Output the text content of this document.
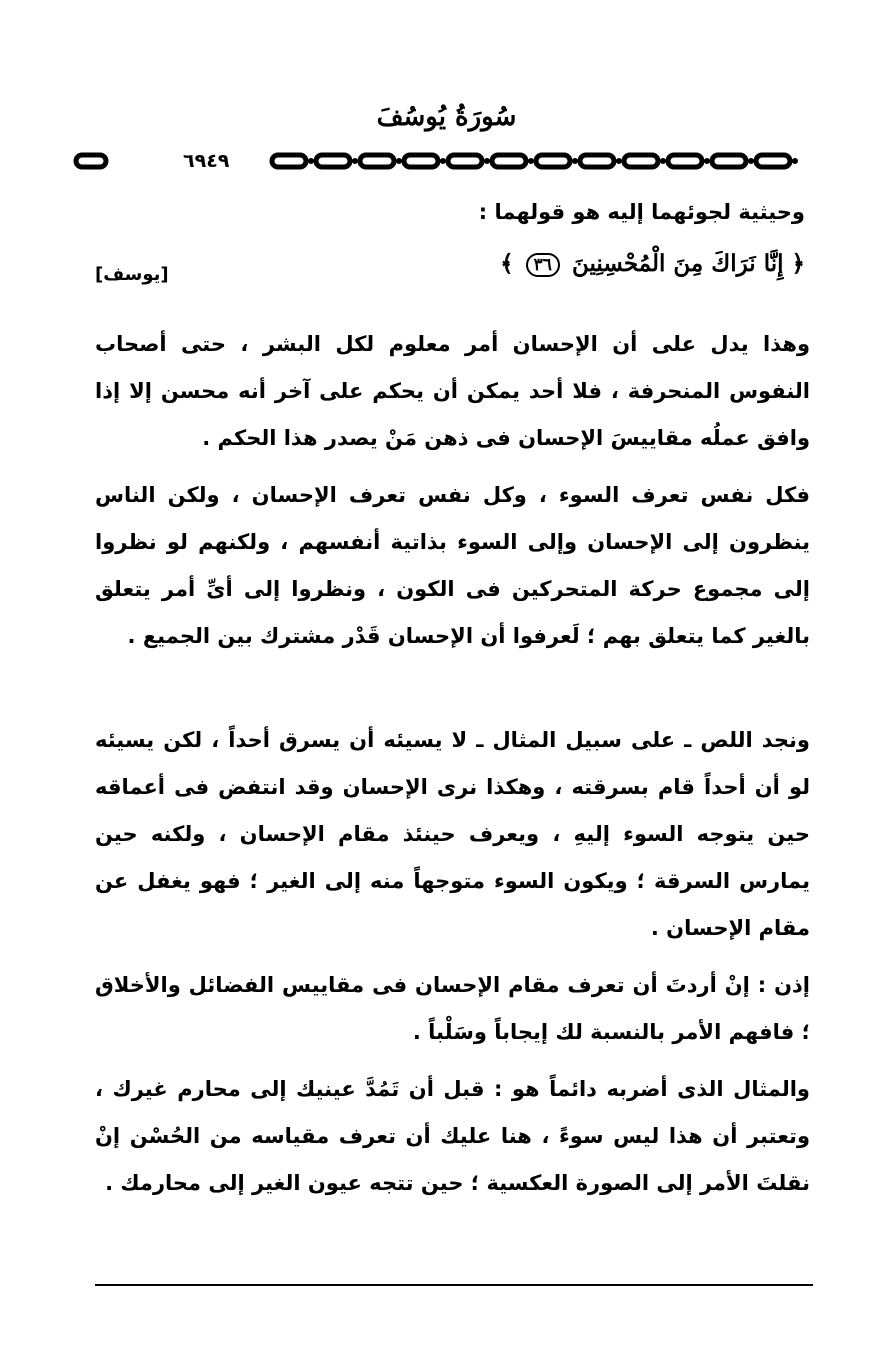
سُورَةُ يُوسُفَ
٦٩٤٩
وحيثية لجوئهما إليه هو قولهما :
﴿ إِنَّا نَرَاكَ مِنَ الْمُحْسِنِينَ ٣٦ ﴾
[يوسف]
وهذا يدل على أن الإحسان أمر معلوم لكل البشر ، حتى أصحاب النفوس المنحرفة ، فلا أحد يمكن أن يحكم على آخر أنه محسن إلا إذا وافق عملُه مقاييسَ الإحسان فى ذهن مَنْ يصدر هذا الحكم .
فكل نفس تعرف السوء ، وكل نفس تعرف الإحسان ، ولكن الناس ينظرون إلى الإحسان وإلى السوء بذاتية أنفسهم ، ولكنهم لو نظروا إلى مجموع حركة المتحركين فى الكون ، ونظروا إلى أىِّ أمر يتعلق بالغير كما يتعلق بهم ؛ لَعرفوا أن الإحسان قَدْر مشترك بين الجميع .
ونجد اللص ـ على سبيل المثال ـ لا يسيئه أن يسرق أحداً ، لكن يسيئه لو أن أحداً قام بسرقته ، وهكذا نرى الإحسان وقد انتفض فى أعماقه حين يتوجه السوء إليهِ ، ويعرف حينئذ مقام الإحسان ، ولكنه حين يمارس السرقة ؛ ويكون السوء متوجهاً منه إلى الغير ؛ فهو يغفل عن مقام الإحسان .
إذن : إنْ أردتَ أن تعرف مقام الإحسان فى مقاييس الفضائل والأخلاق ؛ فافهم الأمر بالنسبة لك إيجاباً وسَلْباً .
والمثال الذى أضربه دائماً هو : قبل أن تَمُدَّ عينيك إلى محارم غيرك ، وتعتبر أن هذا ليس سوءً ، هنا عليك أن تعرف مقياسه من الحُسْن إنْ نقلتَ الأمر إلى الصورة العكسية ؛ حين تتجه عيون الغير إلى محارمك .
